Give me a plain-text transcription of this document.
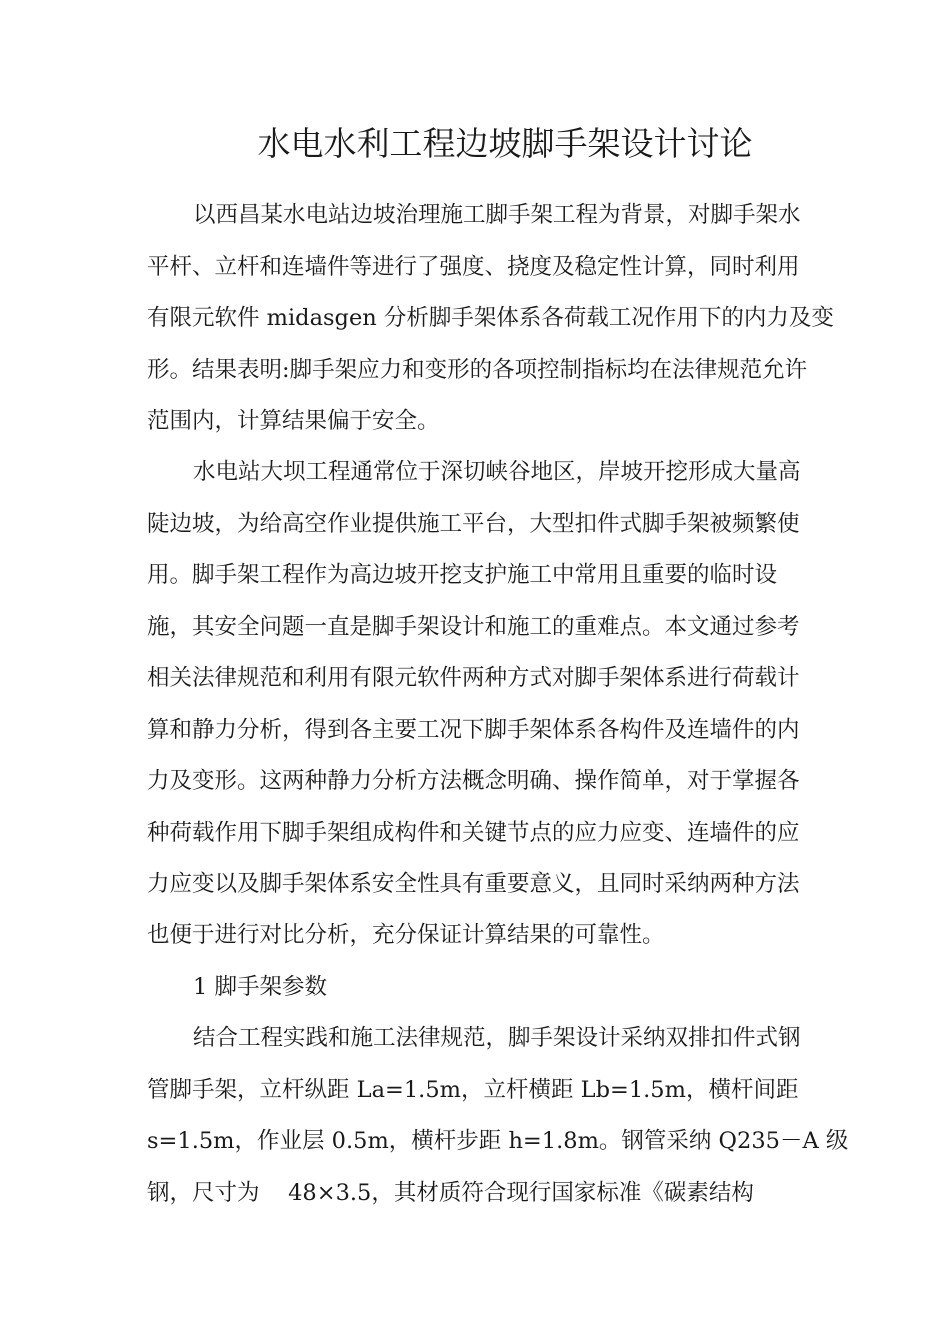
水电水利工程边坡脚手架设计讨论
以西昌某水电站边坡治理施工脚手架工程为背景，对脚手架水
平杆、立杆和连墙件等进行了强度、挠度及稳定性计算，同时利用
有限元软件 midasgen 分析脚手架体系各荷载工况作用下的内力及变
形。结果表明:脚手架应力和变形的各项控制指标均在法律规范允许
范围内，计算结果偏于安全。
水电站大坝工程通常位于深切峡谷地区，岸坡开挖形成大量高
陡边坡，为给高空作业提供施工平台，大型扣件式脚手架被频繁使
用。脚手架工程作为高边坡开挖支护施工中常用且重要的临时设
施，其安全问题一直是脚手架设计和施工的重难点。本文通过参考
相关法律规范和利用有限元软件两种方式对脚手架体系进行荷载计
算和静力分析，得到各主要工况下脚手架体系各构件及连墙件的内
力及变形。这两种静力分析方法概念明确、操作简单，对于掌握各
种荷载作用下脚手架组成构件和关键节点的应力应变、连墙件的应
力应变以及脚手架体系安全性具有重要意义，且同时采纳两种方法
也便于进行对比分析，充分保证计算结果的可靠性。
1 脚手架参数
结合工程实践和施工法律规范，脚手架设计采纳双排扣件式钢
管脚手架，立杆纵距 La=1.5m，立杆横距 Lb=1.5m，横杆间距
s=1.5m，作业层 0.5m，横杆步距 h=1.8m。钢管采纳 Q235－A 级
钢，尺寸为    48×3.5，其材质符合现行国家标准《碳素结构
